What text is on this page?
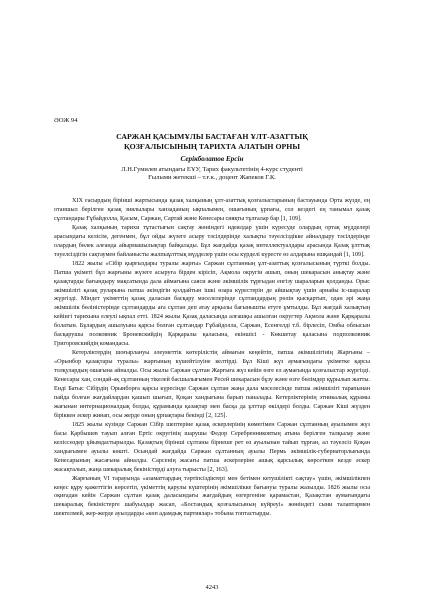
ӘОЖ 94
САРЖАН ҚАСЫМҰЛЫ БАСТАҒАН ҰЛТ-АЗАТТЫҚ
ҚОЗҒАЛЫСЫНЫҢ ТАРИХТА АЛАТЫН ОРНЫ
Серікболатов Ерсін
Л.Н.Гумилев атындағы ЕҰУ, Тарих факультетінің 4-курс студенті
Ғылыми жетекші – т.ғ.к., доцент Жапеков Г.К.

ХІХ ғасырдың бірінші жартысында қазақ халқының ұлт-азаттық қозғалыстарының бастауында Орта жүзде, ең отаншыл берілген қазақ зиялылары ханзаданың ықпалымен, ошағының ұрпағы, сол кездегі ең танымал қазақ сұлтандары Ғұбайдолла, Қасым, Саржан, Сартай және Кенесары сияқты тұлғалар бар [1, 109].

Қазақ халқының тарихи тұтастығын сақтау жөніндегі идеялдар үшін күресуде олардың ортақ мүдделері арасындағы келісім, дегенмен, бұл ойды жүзеге асыру тәсілдерінде халықты тәуелсіздікке айналдыру тәсілдерінде олардың бөлек алғанда айырмашылықтар байқалады. Бұл жағдайда қазақ интеллектуалдары арасында Қазақ ұлттық тәуелсіздігін сақтаумен байланысты жалпыұлттық мүдделер үшін осы күрделі күресте өз алдарына ешқандай [1, 109].

1822 жылы «Сібір қырғыздары туралы жарғы» Саржан сұлтанның ұлт-азаттық қозғалысының түрткі болды. Патша үкіметі бұл жарғыны жүзеге асыруға бірден кірісіп, Ақмола округін ашып, оның шекарасын анықтау және қазақтарды бағындыру мақсатында дала аймағына саяси және әкімшілік тұрғыдан енгізу шараларын қолданды. Орыс әкімшілігі қазақ руларына патша әкімдігін қолдайтын ішкі өзара күрестерін де айшықтау үшін арнайы іс-шаралар жүргізді. Міндет үкіметтің қазақ даласын басқару мәселелерінде сұлтандардың рөлін қысқартып, одан әрі жаңа әкімшілік бөліністерінде сұлтандарды аға сұлтан деп атау арқылы бағынышты етуге ұмтылды. Бұл жағдай халықтың кейінгі тарихына елеулі ықпал етті. 1824 жылы Қазақ даласында алғашқы ашылған округтер Ақмола және Қарқаралы болатын. Бұлардың ашылуына қарсы болған сұлтандар Ғұбайдолла, Саржан, Есенгелді т.б. бірлесіп, Омбы облысын басқарушы полковник Броневскийдің Қарқаралы қаласына, екіншісі - Көкшетау қаласына подполковник Григоровскийдің командасы.

Кетерліктердің шоғырлануы әлеуметтік көтерілістің аймағын кеңейтіп, патша әкімшілігінің Жарғыны – «Орынбор қазақтары туралы» жарғының күшейтілуіне келтірді. Бұл Кіші жүз аумағындағы үкіметке қарсы толқулардың ошағына айналды. Осы жылы Саржан сұлтан Жарғыға жүз кейін өзге ел аумағында қозғалыстар жүргізді. Кенесары хан, сондай-ақ сұлтанның тікелей басшылығымен Ресей шекарасын бұзу және өзге бөлімдер құрылып жатты. Енді Батыс Сібірдің Орынборға қарсы күресінде Саржан сұлтан жаңа дала мәселесінде патша әкімшілігі тарапынан пайда болған жағдайлардан қашып шығып, Қоқан хандығына барып паналады. Кетерліктерінің этникалық құрамы жағынан интернационалдық болды, құрамында қазақтар мен басқа да ұлттар өкілдері болды. Саржан Кіші жүзден біріккен әскер жинап, осы жерде оның ұрпақтары бекінді [2, 125].

1825 жылы күзінде Саржан Сібір шептеріне қазақ әскерлерінің көмегімен Саржан сұлтанның ауылымен жүз басы Қарбышев тауып алған Ертіс округінің шарушы Федор Серебренниковтың атына берілген талқылау және келіссөздер ұйымдастырылды. Қазақтың бірінші сұлтаны бірнеше рет өз ауылынан тайып тұрған, ал тәуелсіз Қоқан хандығымен ауылы көшті. Осындай жағдайда Саржан сұлтанның ауылы Пермь әкімшілік-губернаторлығында Кенесарының жасағына айналды. Сарсенің жасағы патша әскерлеріне ашық қарсылық көрсеткен кезде әскер жасақталып, жаңа шекаралық бекіністерді алуға тырысты [2, 163].

Жарғының VI тарауында «азаматтардың тәртіпсіздіктері мен бетімен кетушілікті сақтау» үшін, әкімшілікпен кеңес құру қажеттігін көрсетіп, үкіметтің қарулы күштерінің әкімшілікке бағынуы туралы жазылды. 1826 жылы осы оқиғадан кейін Саржан сұлтан қазақ даласындағы жағдайдың өзгергеніне қарамастан, Қазақстан аумағындағы шекаралық бекіністерге шабуылдар жасап, «Бостандық қозғалысының күйреуі» жөніндегі сыни талаптармен шектелмей, жер-жерде ауылдарды «көп адамдық партиялар» тобына топтастырды.

4243
